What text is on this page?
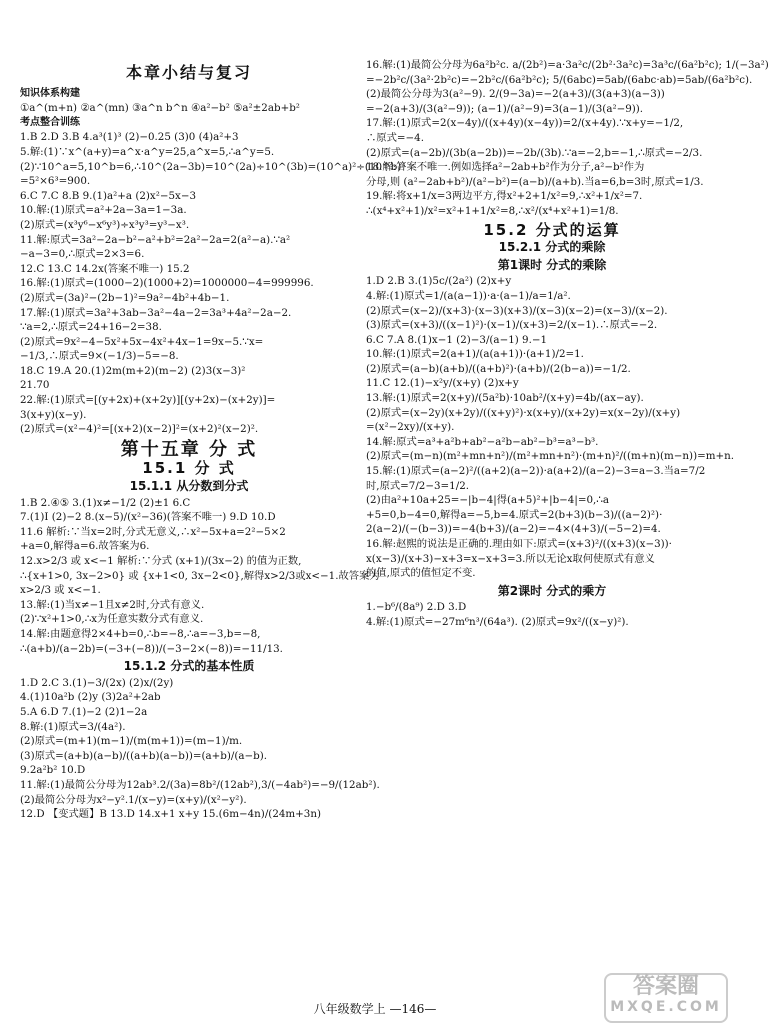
本章小结与复习
知识体系构建
①a^(m+n) ②a^(mn) ③a^n b^n ④a²−b² ⑤a²±2ab+b²
考点整合训练
1.B 2.D 3.B 4.a³(1)³ (2)−0.25 (3)0 (4)a²+3
5.解:(1)∵x^(a+y)=a^x·a^y=25,a^x=5,∴a^y=5.
(2)∵10^a=5,10^b=6,∴10^(2a−3b)=10^(2a)÷10^(3b)=(10^a)²÷(10^b)³
=5²×6³=900.
6.C 7.C 8.B 9.(1)a²+a (2)x²−5x−3
10.解:(1)原式=a²+2a−3a=1−3a.
(2)原式=(x³y⁶−x⁶y³)÷x³y³=y³−x³.
11.解:原式=3a²−2a−b²−a²+b²=2a²−2a=2(a²−a).∵a²
−a−3=0,∴原式=2×3=6.
12.C 13.C 14.2x(答案不唯一) 15.2
16.解:(1)原式=(1000−2)(1000+2)=1000000−4=999996.
(2)原式=(3a)²−(2b−1)²=9a²−4b²+4b−1.
17.解:(1)原式=3a²+3ab−3a²−4a−2=3a³+4a²−2a−2.
∵a=2,∴原式=24+16−2=38.
(2)原式=9x²−4−5x²+5x−4x²+4x−1=9x−5.∵x=
−1/3,∴原式=9×(−1/3)−5=−8.
18.C 19.A 20.(1)2m(m+2)(m−2) (2)3(x−3)²
21.70
22.解:(1)原式=[(y+2x)+(x+2y)][(y+2x)−(x+2y)]=
3(x+y)(x−y).
(2)原式=(x²−4)²=[(x+2)(x−2)]²=(x+2)²(x−2)².
第十五章 分 式
15.1 分 式
15.1.1 从分数到分式
1.B 2.④⑤ 3.(1)x≠−1/2 (2)±1 6.C
7.(1)I (2)−2 8.(x−5)/(x²−36)(答案不唯一) 9.D 10.D
11.6 解析:∵当x=2时,分式无意义,∴x²−5x+a=2²−5×2
+a=0,解得a=6.故答案为6.
12.x>2/3 或 x<−1 解析:∵分式 (x+1)/(3x−2) 的值为正数,
∴{x+1>0, 3x−2>0} 或 {x+1<0, 3x−2<0},解得x>2/3或x<−1.故答案为
x>2/3 或 x<−1.
13.解:(1)当x≠−1且x≠2时,分式有意义.
(2)∵x²+1>0,∴x为任意实数分式有意义.
14.解:由题意得2×4+b=0,∴b=−8,∴a=−3,b=−8,
∴(a+b)/(a−2b)=(−3+(−8))/(−3−2×(−8))=−11/13.
15.1.2 分式的基本性质
1.D 2.C 3.(1)−3/(2x) (2)x/(2y)
4.(1)10a²b (2)y (3)2a²+2ab
5.A 6.D 7.(1)−2 (2)1−2a
8.解:(1)原式=3/(4a²).
(2)原式=(m+1)(m−1)/(m(m+1))=(m−1)/m.
(3)原式=(a+b)(a−b)/((a+b)(a−b))=(a+b)/(a−b).
9.2a²b² 10.D
11.解:(1)最简公分母为12ab³.2/(3a)=8b²/(12ab²),3/(−4ab²)=−9/(12ab²).
(2)最简公分母为x²−y².1/(x−y)=(x+y)/(x²−y²).
12.D 【变式题】B 13.D 14.x+1 x+y 15.(6m−4n)/(24m+3n)
16.解:(1)最简公分母为6a²b²c. a/(2b²)=a·3a²c/(2b²·3a²c)=3a³c/(6a²b²c); 1/(−3a²)
=−2b²c/(3a²·2b²c)=−2b²c/(6a²b²c); 5/(6abc)=5ab/(6abc·ab)=5ab/(6a²b²c).
(2)最简公分母为3(a²−9). 2/(9−3a)=−2(a+3)/(3(a+3)(a−3))
=−2(a+3)/(3(a²−9)); (a−1)/(a²−9)=3(a−1)/(3(a²−9)).
17.解:(1)原式=2(x−4y)/((x+4y)(x−4y))=2/(x+4y).∵x+y=−1/2,
∴原式=−4.
(2)原式=(a−2b)/(3b(a−2b))=−2b/(3b).∵a=−2,b=−1,∴原式=−2/3.
18.解:答案不唯一.例如选择a²−2ab+b²作为分子,a²−b²作为
分母,则 (a²−2ab+b²)/(a²−b²)=(a−b)/(a+b).当a=6,b=3时,原式=1/3.
19.解:将x+1/x=3两边平方,得x²+2+1/x²=9,∴x²+1/x²=7.
∴(x⁴+x²+1)/x²=x²+1+1/x²=8,∴x²/(x⁴+x²+1)=1/8.
15.2 分式的运算
15.2.1 分式的乘除
第1课时 分式的乘除
1.D 2.B 3.(1)5c/(2a²) (2)x+y
4.解:(1)原式=1/(a(a−1))·a·(a−1)/a=1/a².
(2)原式=(x−2)/(x+3)·(x−3)(x+3)/(x−3)(x−2)=(x−3)/(x−2).
(3)原式=(x+3)/((x−1)²)·(x−1)/(x+3)=2/(x−1).∴原式=−2.
6.C 7.A 8.(1)x−1 (2)−3/(a−1) 9.−1
10.解:(1)原式=2(a+1)/(a(a+1))·(a+1)/2=1.
(2)原式=(a−b)(a+b)/((a+b)²)·(a+b)/(2(b−a))=−1/2.
11.C 12.(1)−x²y/(x+y) (2)x+y
13.解:(1)原式=2(x+y)/(5a²b)·10ab²/(x+y)=4b/(ax−ay).
(2)原式=(x−2y)(x+2y)/((x+y)²)·x(x+y)/(x+2y)=x(x−2y)/(x+y)
=(x²−2xy)/(x+y).
14.解:原式=a³+a²b+ab²−a²b−ab²−b³=a³−b³.
(2)原式=(m−n)(m²+mn+n²)/(m²+mn+n²)·(m+n)²/((m+n)(m−n))=m+n.
15.解:(1)原式=(a−2)²/((a+2)(a−2))·a(a+2)/(a−2)−3=a−3.当a=7/2
时,原式=7/2−3=1/2.
(2)由a²+10a+25=−|b−4|得(a+5)²+|b−4|=0,∴a
+5=0,b−4=0,解得a=−5,b=4.原式=2(b+3)(b−3)/((a−2)²)·
2(a−2)/(−(b−3))=−4(b+3)/(a−2)=−4×(4+3)/(−5−2)=4.
16.解:赵熙的说法是正确的.理由如下:原式=(x+3)²/((x+3)(x−3))·
x(x−3)/(x+3)−x+3=x−x+3=3.所以无论x取何使原式有意义
的值,原式的值恒定不变.
第2课时 分式的乘方
1.−b⁶/(8a⁹) 2.D 3.D
4.解:(1)原式=−27m⁶n³/(64a³). (2)原式=9x²/((x−y)²).
八年级数学上 —146—
答案圈
MXQE.COM
